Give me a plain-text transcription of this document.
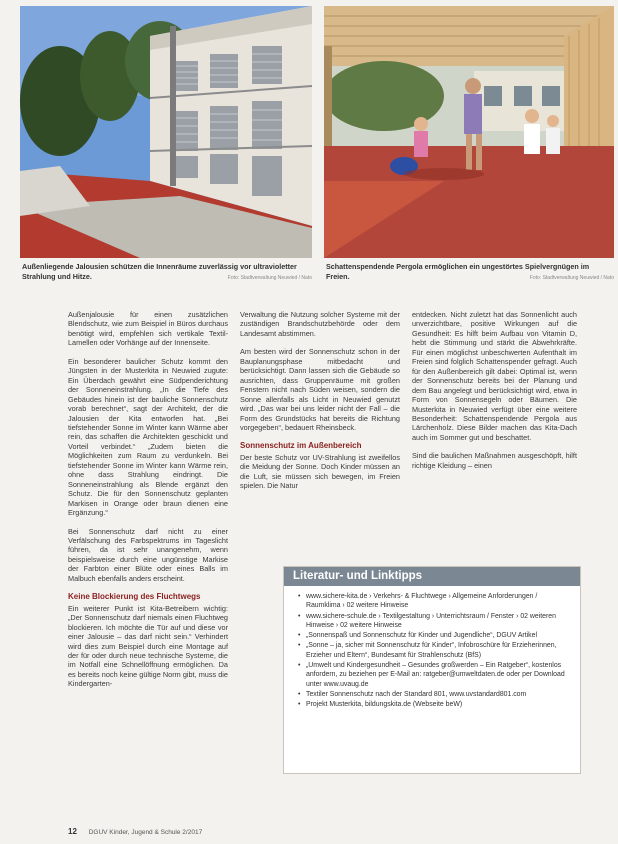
Außenliegende Jalousien schützen die Innenräume zuverlässig vor ultravioletter Strahlung und Hitze.	Foto: Stadtverwaltung Neuwied / Nato
Schattenspendende Pergola ermöglichen ein ungestörtes Spielvergnügen im Freien.	Foto: Stadtverwaltung Neuwied / Nato

Außenjalousie für einen zusätzlichen Blendschutz, wie zum Beispiel in Büros durchaus benötigt wird, empfehlen sich vertikale Textil-Lamellen oder Vorhänge auf der Innenseite.

Ein besonderer baulicher Schutz kommt den Jüngsten in der Musterkita in Neuwied zugute: Ein Überdach gewährt eine Südpenderichtung der Sonneneinstrahlung. „In die Tiefe des Gebäudes hinein ist der bauliche Sonnenschutz vorab berechnet“, sagt der Architekt, der die Jalousien der Kita entworfen hat. „Bei tiefstehender Sonne im Winter kann Wärme aber rein, das schaffen die Architekten geschickt und Vorteil verbindet.“ „Zudem bieten die Möglichkeiten zum Raum zu verdunkeln. Bei tiefstehender Sonne im Winter kann Wärme rein, ohne dass Strahlung eindringt. Die Sonneneinstrahlung als Blende ergänzt den Schutz. Die für den Sonnenschutz geplanten Markisen in Orange oder braun dienen eine Ergänzung.“

Bei Sonnenschutz darf nicht zu einer Verfälschung des Farbspektrums im Tageslicht führen, da ist sehr unangenehm, wenn beispielsweise durch eine ungünstige Markise der Farbton einer Blüte oder eines Balls im Malbuch ebenfalls anders erscheint.

Keine Blockierung des Fluchtwegs

Ein weiterer Punkt ist Kita-Betreibern wichtig: „Der Sonnenschutz darf niemals einen Fluchtweg blockieren. Ich möchte die Tür auf und diese vor einer Jalousie – das darf nicht sein.“ Verhindert wird dies zum Beispiel durch eine Montage auf der für oder durch neue technische Systeme, die im Notfall eine Schnellöffnung ermöglichen. Da es bereits noch keine gültige Norm gibt, muss die Kindergarten-

Verwaltung die Nutzung solcher Systeme mit der zuständigen Brandschutzbehörde oder dem Landesamt abstimmen.

Am besten wird der Sonnenschutz schon in der Bauplanungsphase mitbedacht und berücksichtigt. Dann lassen sich die Gebäude so ausrichten, dass Gruppenräume mit großen Fenstern nicht nach Süden weisen, sondern die Sonne allenfalls als Licht in Neuwied genutzt wird. „Das war bei uns leider nicht der Fall – die Form des Grundstücks hat bereits die Richtung vorgegeben“, bedauert Rheinsbeck.

Sonnenschutz im Außenbereich

Der beste Schutz vor UV-Strahlung ist zweifellos die Meidung der Sonne. Doch Kinder müssen an die Luft, sie müssen sich bewegen, im Freien spielen. Die Natur

entdecken. Nicht zuletzt hat das Sonnenlicht auch unverzichtbare, positive Wirkungen auf die Gesundheit: Es hilft beim Aufbau von Vitamin D, hebt die Stimmung und stärkt die Abwehrkräfte. Für einen möglichst unbeschwerten Aufenthalt im Freien sind folglich Schattenspender gefragt. Auch für den Außenbereich gilt dabei: Optimal ist, wenn der Sonnenschutz bereits bei der Planung und dem Bau angelegt und berücksichtigt wird, etwa in Form von Sonnensegeln oder Bäumen. Die Musterkita in Neuwied verfügt über eine weitere Besonderheit: Schattenspendende Pergola aus Lärchenholz. Diese Bilder machen das Kita-Dach auch im Sommer gut und beschattet.

Sind die baulichen Maßnahmen ausgeschöpft, hilft richtige Kleidung – einen

Literatur- und Linktipps
• www.sichere-kita.de › Verkehrs- & Fluchtwege › Allgemeine Anforderungen / Raumklima › 02 weitere Hinweise
• www.sichere-schule.de › Textilgestaltung › Unterrichtsraum / Fenster › 02 weiteren Hinweise › 02 weitere Hinweise
• „Sonnenspaß und Sonnenschutz für Kinder und Jugendliche“, DGUV Artikel
• „Sonne – ja, sicher mit Sonnenschutz für Kinder“, Infobroschüre für Erzieherinnen, Erzieher und Eltern“, Bundesamt für Strahlenschutz (BfS)
• „Umwelt und Kindergesundheit – Gesundes großwerden – Ein Ratgeber“, kostenlos anfordern, zu beziehen per E-Mail an: ratgeber@umweltdaten.de oder per Download unter www.uvaug.de
• Textiler Sonnenschutz nach der Standard 801, www.uvstandard801.com
• Projekt Musterkita, bildungskita.de (Webseite beW)
12 DGUV Kinder, Jugend & Schule 2/2017
